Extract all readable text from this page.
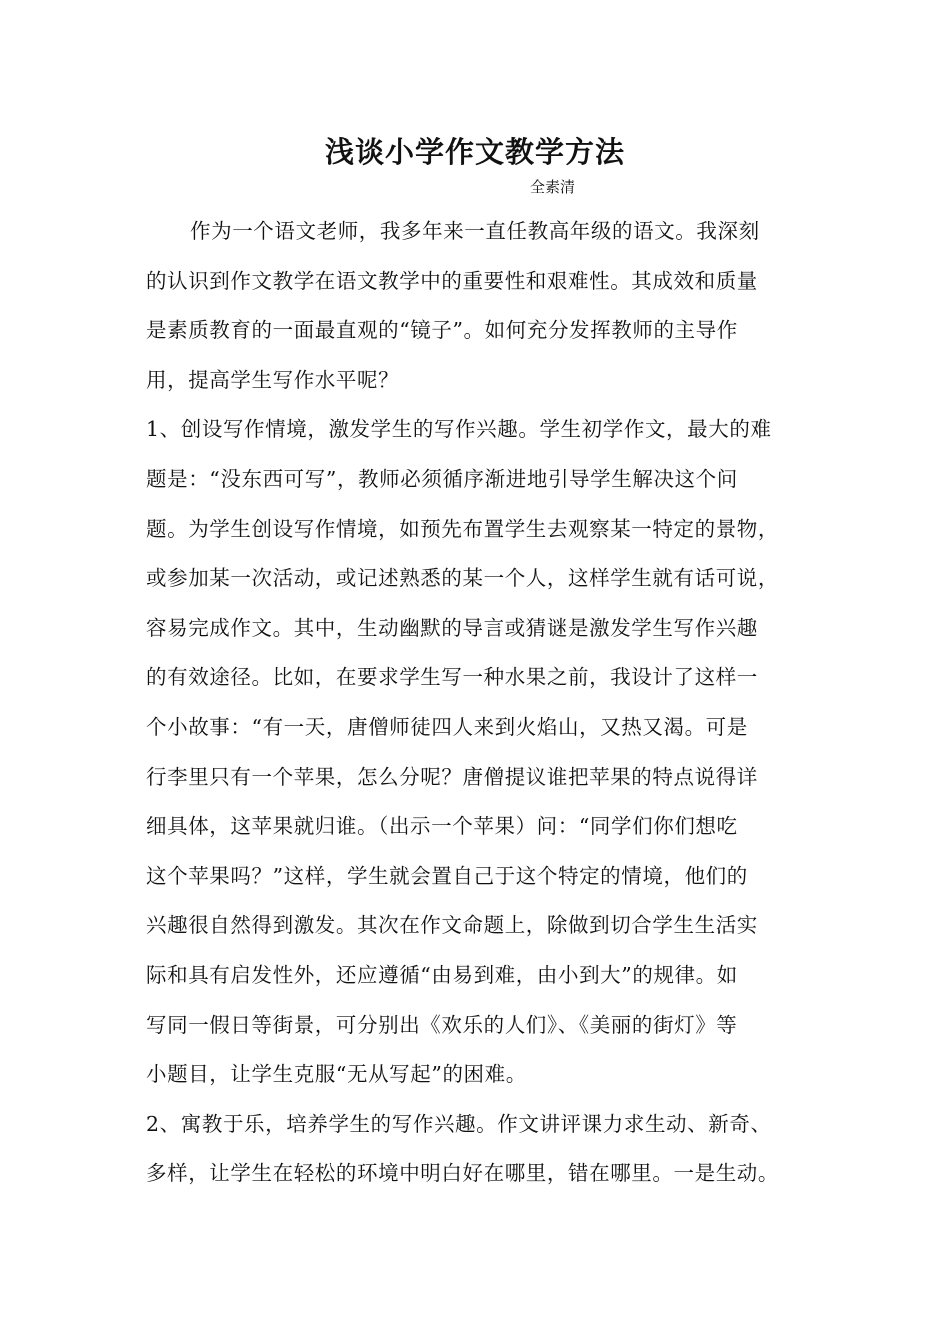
浅谈小学作文教学方法
全素清
作为一个语文老师，我多年来一直任教高年级的语文。我深刻
的认识到作文教学在语文教学中的重要性和艰难性。其成效和质量
是素质教育的一面最直观的“镜子”。如何充分发挥教师的主导作
用，提高学生写作水平呢？
1、创设写作情境，激发学生的写作兴趣。学生初学作文，最大的难
题是：“没东西可写”，教师必须循序渐进地引导学生解决这个问
题。为学生创设写作情境，如预先布置学生去观察某一特定的景物，
或参加某一次活动，或记述熟悉的某一个人，这样学生就有话可说，
容易完成作文。其中，生动幽默的导言或猜谜是激发学生写作兴趣
的有效途径。比如，在要求学生写一种水果之前，我设计了这样一
个小故事：“有一天，唐僧师徒四人来到火焰山，又热又渴。可是
行李里只有一个苹果，怎么分呢？唐僧提议谁把苹果的特点说得详
细具体，这苹果就归谁。（出示一个苹果）问：“同学们你们想吃
这个苹果吗？”这样，学生就会置自己于这个特定的情境，他们的
兴趣很自然得到激发。其次在作文命题上，除做到切合学生生活实
际和具有启发性外，还应遵循“由易到难，由小到大”的规律。如
写同一假日等街景，可分别出《欢乐的人们》、《美丽的街灯》等
小题目，让学生克服“无从写起”的困难。
2、寓教于乐，培养学生的写作兴趣。作文讲评课力求生动、新奇、
多样，让学生在轻松的环境中明白好在哪里，错在哪里。一是生动。
